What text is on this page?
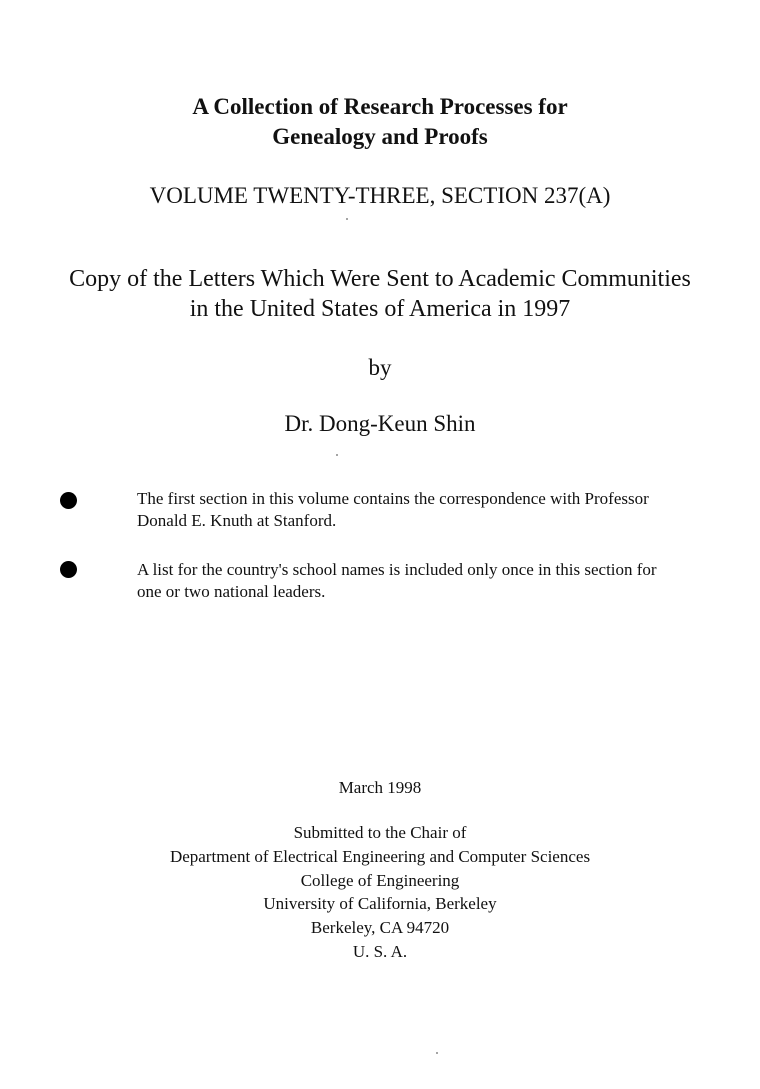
A Collection of Research Processes for
Genealogy and Proofs
VOLUME TWENTY-THREE, SECTION 237(A)
Copy of the Letters Which Were Sent to Academic Communities
in the United States of America in 1997
by
Dr. Dong-Keun Shin
The first section in this volume contains the correspondence with Professor
Donald E. Knuth at Stanford.
A list for the country's school names is included only once in this section for
one or two national leaders.
March 1998
Submitted to the Chair of
Department of Electrical Engineering and Computer Sciences
College of Engineering
University of California, Berkeley
Berkeley, CA 94720
U. S. A.
